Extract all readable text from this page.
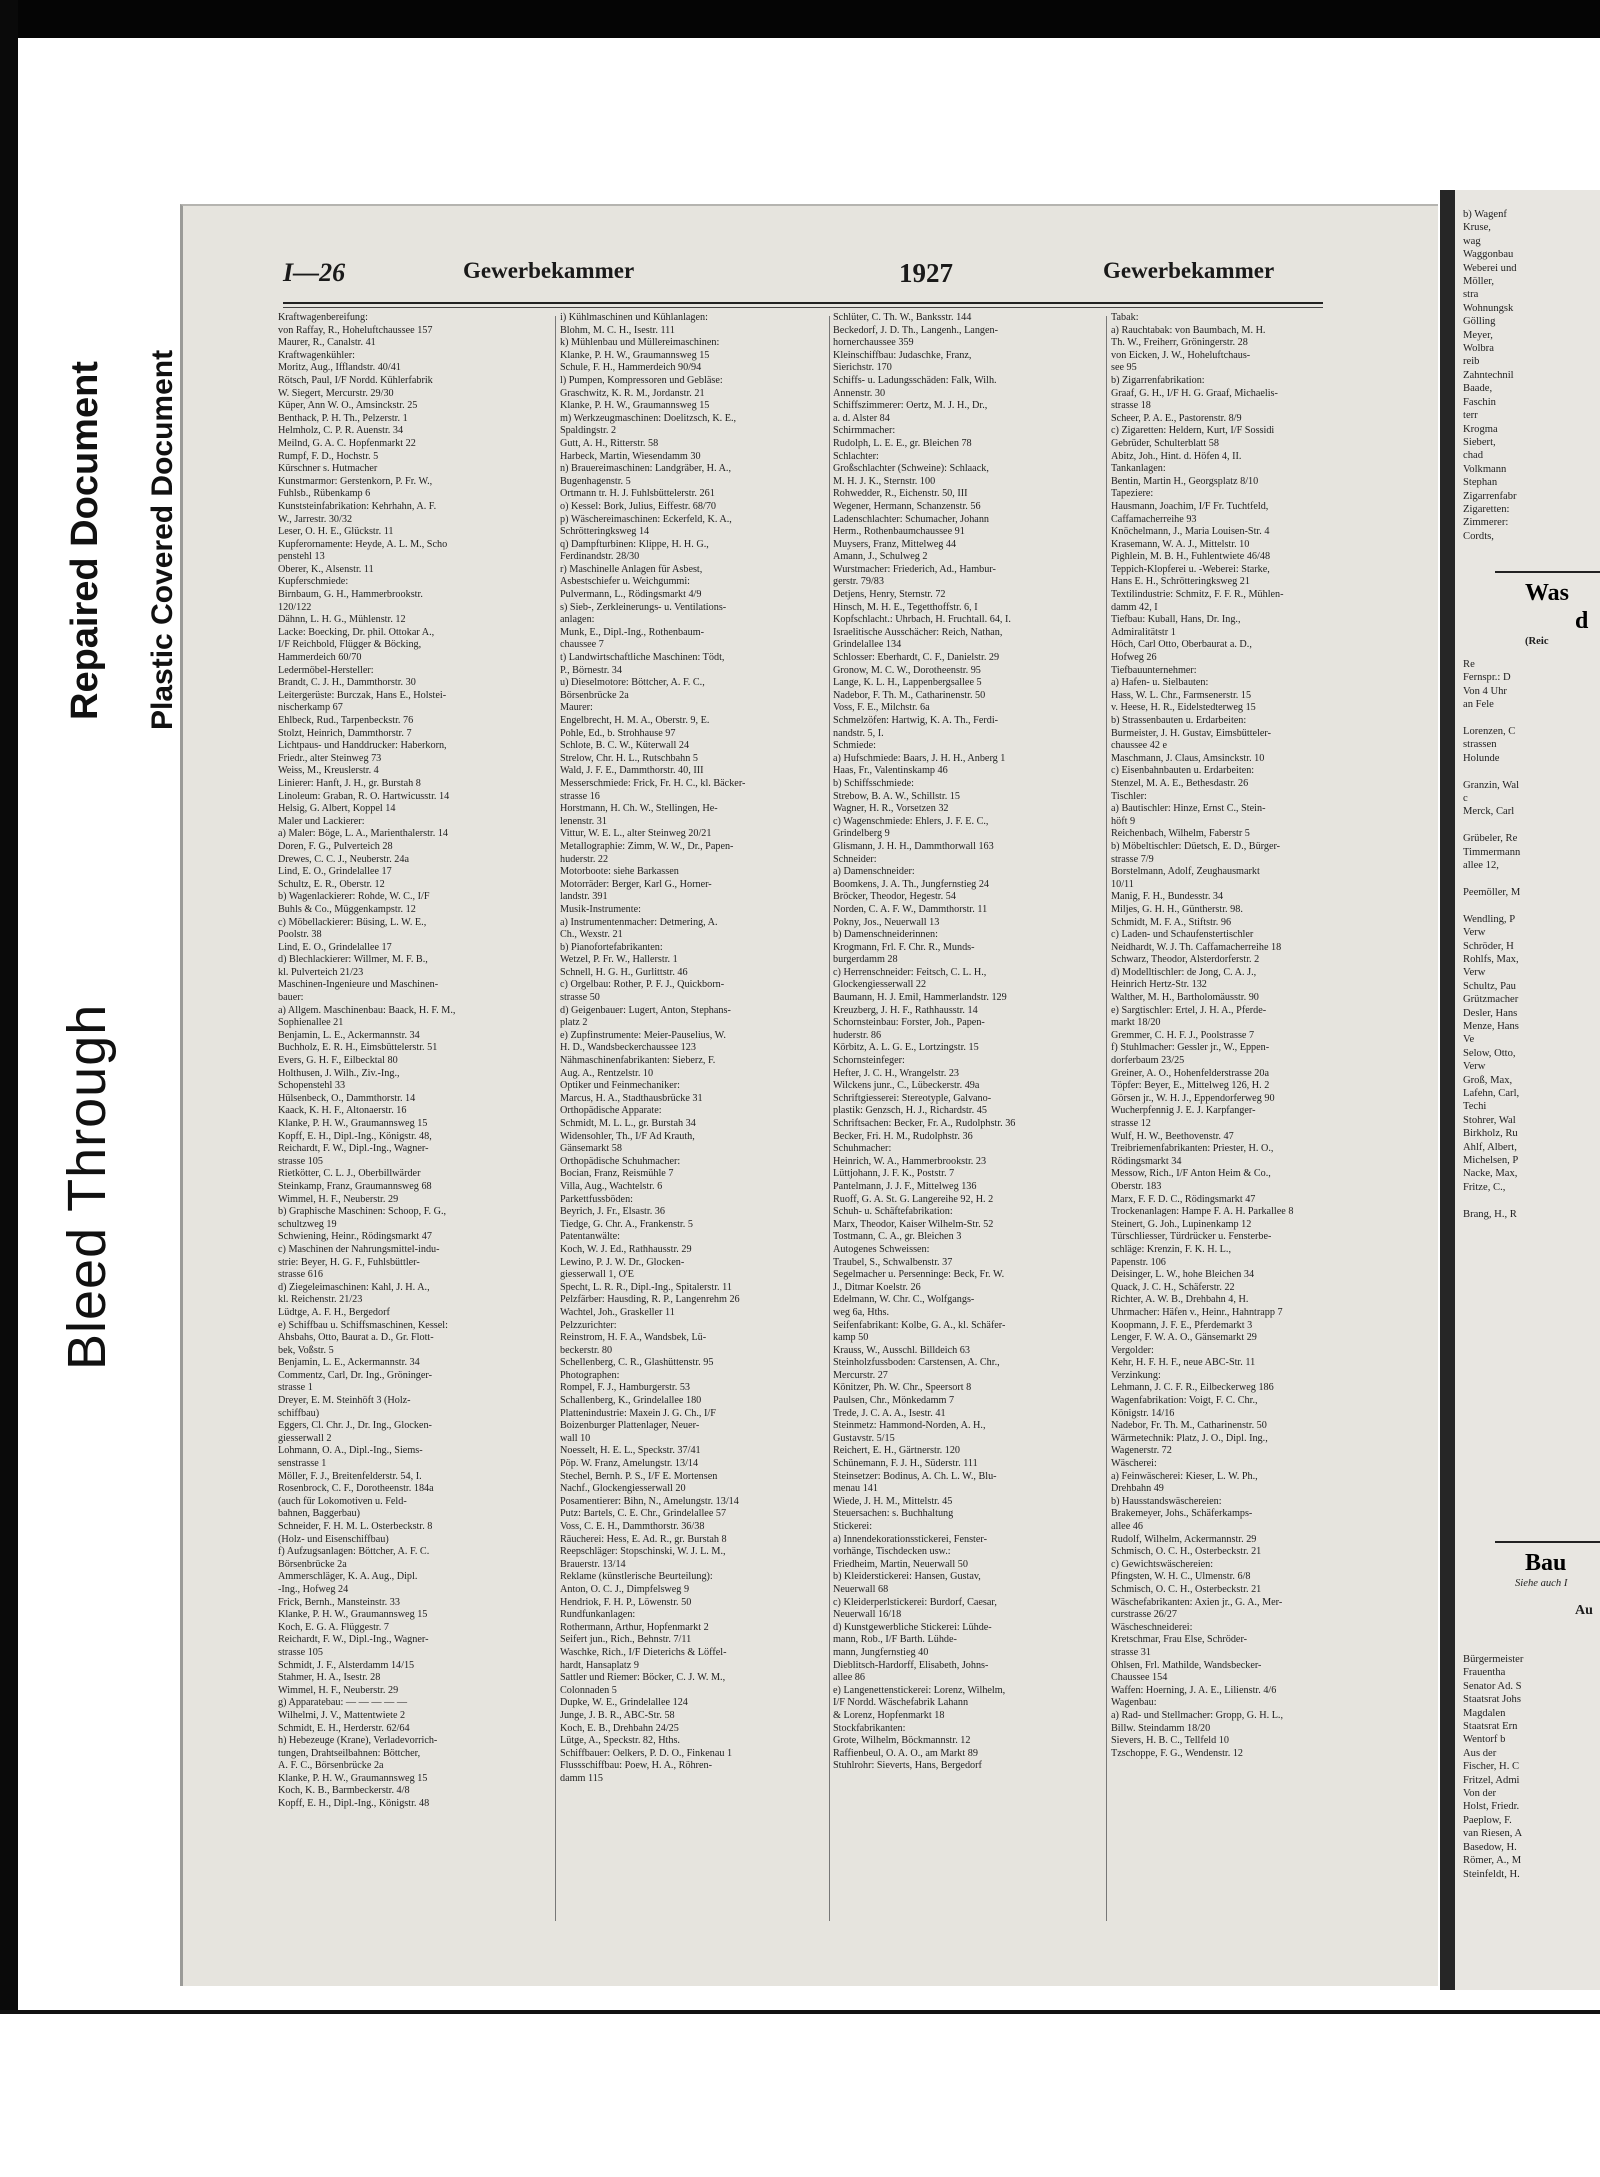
Repaired Document Plastic Covered Document
Bleed Through
I—26	Gewerbekammer	1927	Gewerbekammer
Kraftwagenbereifung:
von Raffay, R., Hoheluftchaussee 157
Maurer, R., Canalstr. 41
Kraftwagenkühler:
Moritz, Aug., Ifflandstr. 40/41
Rötsch, Paul, I/F Nordd. Kühlerfabrik
W. Siegert, Mercurstr. 29/30
Küper, Ann W. O., Amsinckstr. 25
Benthack, P. H. Th., Pelzerstr. 1
Helmholz, C. P. R. Auenstr. 34
Meilnd, G. A. C. Hopfenmarkt 22
Rumpf, F. D., Hochstr. 5
Kürschner s. Hutmacher
Kunstmarmor: Gerstenkorn, P. Fr. W.,
Fuhlsb., Rübenkamp 6
Kunststeinfabrikation: Kehrhahn, A. F.
W., Jarrestr. 30/32
Leser, O. H. E., Glückstr. 11
Kupferornamente: Heyde, A. L. M., Scho
penstehl 13
Oberer, K., Alsenstr. 11
Kupferschmiede:
Birnbaum, G. H., Hammerbrookstr.
120/122
Dähnn, L. H. G., Mühlenstr. 12
Lacke: Boecking, Dr. phil. Ottokar A.,
I/F Reichbold, Flügger & Böcking,
Hammerdeich 60/70
Ledermöbel-Hersteller:
Brandt, C. J. H., Dammthorstr. 30
Leitergerüste: Burczak, Hans E., Holstei-
nischerkamp 67
Ehlbeck, Rud., Tarpenbeckstr. 76
Stolzt, Heinrich, Dammthorstr. 7
Lichtpaus- und Handdrucker: Haberkorn,
Friedr., alter Steinweg 73
Weiss, M., Kreuslerstr. 4
Linierer: Hanft, J. H., gr. Burstah 8
Linoleum: Graban, R. O. Hartwicusstr. 14
Helsig, G. Albert, Koppel 14
Maler und Lackierer:
a) Maler: Böge, L. A., Marienthalerstr. 14
Doren, F. G., Pulverteich 28
Drewes, C. C. J., Neuberstr. 24a
Lind, E. O., Grindelallee 17
Schultz, E. R., Oberstr. 12
b) Wagenlackierer: Rohde, W. C., I/F
Buhls & Co., Müggenkampstr. 12
c) Möbellackierer: Büsing, L. W. E.,
Poolstr. 38
Lind, E. O., Grindelallee 17
d) Blechlackierer: Willmer, M. F. B.,
kl. Pulverteich 21/23
Maschinen-Ingenieure und Maschinen-
bauer:
a) Allgem. Maschinenbau: Baack, H. F. M.,
Sophienallee 21
Benjamin, L. E., Ackermannstr. 34
Buchholz, E. R. H., Eimsbüttelerstr. 51
Evers, G. H. F., Eilbecktal 80
Holthusen, J. Wilh., Ziv.-Ing.,
Schopenstehl 33
Hülsenbeck, O., Dammthorstr. 14
Kaack, K. H. F., Altonaerstr. 16
Klanke, P. H. W., Graumannsweg 15
Kopff, E. H., Dipl.-Ing., Königstr. 48,
Reichardt, F. W., Dipl.-Ing., Wagner-
strasse 105
Rietkötter, C. L. J., Oberbillwärder
Steinkamp, Franz, Graumannsweg 68
Wimmel, H. F., Neuberstr. 29
b) Graphische Maschinen: Schoop, F. G.,
schultzweg 19
Schwiening, Heinr., Rödingsmarkt 47
c) Maschinen der Nahrungsmittel-indu-
strie: Beyer, H. G. F., Fuhlsbüttler-
strasse 616
d) Ziegeleimaschinen: Kahl, J. H. A.,
kl. Reichenstr. 21/23
Lüdtge, A. F. H., Bergedorf
e) Schiffbau u. Schiffsmaschinen, Kessel:
Ahsbahs, Otto, Baurat a. D., Gr. Flott-
bek, Voßstr. 5
Benjamin, L. E., Ackermannstr. 34
Commentz, Carl, Dr. Ing., Gröninger-
strasse 1
Dreyer, E. M. Steinhöft 3 (Holz-
schiffbau)
Eggers, Cl. Chr. J., Dr. Ing., Glocken-
giesserwall 2
Lohmann, O. A., Dipl.-Ing., Siems-
senstrasse 1
Möller, F. J., Breitenfelderstr. 54, I.
Rosenbrock, C. F., Dorotheenstr. 184a
(auch für Lokomotiven u. Feld-
bahnen, Baggerbau)
Schneider, F. H. M. L. Osterbeckstr. 8
(Holz- und Eisenschiffbau)
f) Aufzugsanlagen: Böttcher, A. F. C.
Börsenbrücke 2a
Ammerschläger, K. A. Aug., Dipl.
-Ing., Hofweg 24
Frick, Bernh., Mansteinstr. 33
Klanke, P. H. W., Graumannsweg 15
Koch, E. G. A. Flüggestr. 7
Reichardt, F. W., Dipl.-Ing., Wagner-
strasse 105
Schmidt, J. F., Alsterdamm 14/15
Stahmer, H. A., Isestr. 28
Wimmel, H. F., Neuberstr. 29
g) Apparatebau: — — — — —
Wilhelmi, J. V., Mattentwiete 2
Schmidt, E. H., Herderstr. 62/64
h) Hebezeuge (Krane), Verladevorrich-
tungen, Drahtseilbahnen: Böttcher,
A. F. C., Börsenbrücke 2a
Klanke, P. H. W., Graumannsweg 15
Koch, K. B., Barmbeckerstr. 4/8
Kopff, E. H., Dipl.-Ing., Königstr. 48
i) Kühlmaschinen und Kühlanlagen:
Blohm, M. C. H., Isestr. 111
k) Mühlenbau und Müllereimaschinen:
Klanke, P. H. W., Graumannsweg 15
Schule, F. H., Hammerdeich 90/94
l) Pumpen, Kompressoren und Gebläse:
Graschwitz, K. R. M., Jordanstr. 21
Klanke, P. H. W., Graumannsweg 15
m) Werkzeugmaschinen: Doelitzsch, K. E.,
Spaldingstr. 2
Gutt, A. H., Ritterstr. 58
Harbeck, Martin, Wiesendamm 30
n) Brauereimaschinen: Landgräber, H. A.,
Bugenhagenstr. 5
Ortmann tr. H. J. Fuhlsbüttelerstr. 261
o) Kessel: Bork, Julius, Eiffestr. 68/70
p) Wäschereimaschinen: Eckerfeld, K. A.,
Schrötteringksweg 14
q) Dampfturbinen: Klippe, H. H. G.,
Ferdinandstr. 28/30
r) Maschinelle Anlagen für Asbest,
Asbestschiefer u. Weichgummi:
Pulvermann, L., Rödingsmarkt 4/9
s) Sieb-, Zerkleinerungs- u. Ventilations-
anlagen:
Munk, E., Dipl.-Ing., Rothenbaum-
chaussee 7
t) Landwirtschaftliche Maschinen: Tödt,
P., Börnestr. 34
u) Dieselmotore: Böttcher, A. F. C.,
Börsenbrücke 2a
Maurer:
Engelbrecht, H. M. A., Oberstr. 9, E.
Pohle, Ed., b. Strohhause 97
Schlote, B. C. W., Küterwall 24
Strelow, Chr. H. L., Rutschbahn 5
Wald, J. F. E., Dammthorstr. 40, III
Messerschmiede: Frick, Fr. H. C., kl. Bäcker-
strasse 16
Horstmann, H. Ch. W., Stellingen, He-
lenenstr. 31
Vittur, W. E. L., alter Steinweg 20/21
Metallographie: Zimm, W. W., Dr., Papen-
huderstr. 22
Motorboote: siehe Barkassen
Motorräder: Berger, Karl G., Horner-
landstr. 391
Musik-Instrumente:
a) Instrumentenmacher: Detmering, A.
Ch., Wexstr. 21
b) Pianofortefabrikanten:
Wetzel, P. Fr. W., Hallerstr. 1
Schnell, H. G. H., Gurlittstr. 46
c) Orgelbau: Rother, P. F. J., Quickborn-
strasse 50
d) Geigenbauer: Lugert, Anton, Stephans-
platz 2
e) Zupfinstrumente: Meier-Pauselius, W.
H. D., Wandsbeckerchaussee 123
Nähmaschinenfabrikanten: Sieberz, F.
Aug. A., Rentzelstr. 10
Optiker und Feinmechaniker:
Marcus, H. A., Stadthausbrücke 31
Orthopädische Apparate:
Schmidt, M. L. L., gr. Burstah 34
Widensohler, Th., I/F Ad Krauth,
Gänsemarkt 58
Orthopädische Schuhmacher:
Bocian, Franz, Reismühle 7
Villa, Aug., Wachtelstr. 6
Parkettfussböden:
Beyrich, J. Fr., Elsastr. 36
Tiedge, G. Chr. A., Frankenstr. 5
Patentanwälte:
Koch, W. J. Ed., Rathhausstr. 29
Lewino, P. J. W. Dr., Glocken-
giesserwall 1, O'E
Specht, L. R. R., Dipl.-Ing., Spitalerstr. 11
Pelzfärber: Hausding, R. P., Langenrehm 26
Wachtel, Joh., Graskeller 11
Pelzzurichter:
Reinstrom, H. F. A., Wandsbek, Lü-
beckerstr. 80
Schellenberg, C. R., Glashüttenstr. 95
Photographen:
Rompel, F. J., Hamburgerstr. 53
Schallenberg, K., Grindelallee 180
Plattenindustrie: Maxein J. G. Ch., I/F
Boizenburger Plattenlager, Neuer-
wall 10
Noesselt, H. E. L., Speckstr. 37/41
Pöp. W. Franz, Amelungstr. 13/14
Stechel, Bernh. P. S., I/F E. Mortensen
Nachf., Glockengiesserwall 20
Posamentierer: Bihn, N., Amelungstr. 13/14
Putz: Bartels, C. E. Chr., Grindelallee 57
Voss, C. E. H., Dammthorstr. 36/38
Räucherei: Hess, E. Ad. R., gr. Burstah 8
Reepschläger: Stopschinski, W. J. L. M.,
Brauerstr. 13/14
Reklame (künstlerische Beurteilung):
Anton, O. C. J., Dimpfelsweg 9
Hendriok, F. H. P., Löwenstr. 50
Rundfunkanlagen:
Rothermann, Arthur, Hopfenmarkt 2
Seifert jun., Rich., Behnstr. 7/11
Waschke, Rich., I/F Dieterichs & Löffel-
hardt, Hansaplatz 9
Sattler und Riemer: Böcker, C. J. W. M.,
Colonnaden 5
Dupke, W. E., Grindelallee 124
Junge, J. B. R., ABC-Str. 58
Koch, E. B., Drehbahn 24/25
Lütge, A., Speckstr. 82, Hths.
Schiffbauer: Oelkers, P. D. O., Finkenau 1
Flussschiffbau: Poew, H. A., Röhren-
damm 115
Schlüter, C. Th. W., Banksstr. 144
Beckedorf, J. D. Th., Langenh., Langen-
hornerchaussee 359
Kleinschiffbau: Judaschke, Franz,
Sierichstr. 170
Schiffs- u. Ladungsschäden: Falk, Wilh.
Annenstr. 30
Schiffszimmerer: Oertz, M. J. H., Dr.,
a. d. Alster 84
Schirmmacher:
Rudolph, L. E. E., gr. Bleichen 78
Schlachter:
Großschlachter (Schweine): Schlaack,
M. H. J. K., Sternstr. 100
Rohwedder, R., Eichenstr. 50, III
Wegener, Hermann, Schanzenstr. 56
Ladenschlachter: Schumacher, Johann
Herm., Rothenbaumchaussee 91
Muysers, Franz, Mittelweg 44
Amann, J., Schulweg 2
Wurstmacher: Friederich, Ad., Hambur-
gerstr. 79/83
Detjens, Henry, Sternstr. 72
Hinsch, M. H. E., Tegetthoffstr. 6, I
Kopfschlacht.: Uhrbach, H. Fruchtall. 64, I.
Israelitische Ausschächer: Reich, Nathan,
Grindelallee 134
Schlosser: Eberhardt, C. F., Danielstr. 29
Gronow, M. C. W., Dorotheenstr. 95
Lange, K. L. H., Lappenbergsallee 5
Nadebor, F. Th. M., Catharinenstr. 50
Voss, F. E., Milchstr. 6a
Schmelzöfen: Hartwig, K. A. Th., Ferdi-
nandstr. 5, I.
Schmiede:
a) Hufschmiede: Baars, J. H. H., Anberg 1
Haas, Fr., Valentinskamp 46
b) Schiffsschmiede:
Strebow, B. A. W., Schillstr. 15
Wagner, H. R., Vorsetzen 32
c) Wagenschmiede: Ehlers, J. F. E. C.,
Grindelberg 9
Glismann, J. H. H., Dammthorwall 163
Schneider:
a) Damenschneider:
Boomkens, J. A. Th., Jungfernstieg 24
Bröcker, Theodor, Hegestr. 54
Norden, C. A. F. W., Dammthorstr. 11
Pokny, Jos., Neuerwall 13
b) Damenschneiderinnen:
Krogmann, Frl. F. Chr. R., Munds-
burgerdamm 28
c) Herrenschneider: Feitsch, C. L. H.,
Glockengiesserwall 22
Baumann, H. J. Emil, Hammerlandstr. 129
Kreuzberg, J. H. F., Rathhausstr. 14
Schornsteinbau: Forster, Joh., Papen-
huderstr. 86
Körbitz, A. L. G. E., Lortzingstr. 15
Schornsteinfeger:
Hefter, J. C. H., Wrangelstr. 23
Wilckens junr., C., Lübeckerstr. 49a
Schriftgiesserei: Stereotyple, Galvano-
plastik: Genzsch, H. J., Richardstr. 45
Schriftsachen: Becker, Fr. A., Rudolphstr. 36
Becker, Fri. H. M., Rudolphstr. 36
Schuhmacher:
Heinrich, W. A., Hammerbrookstr. 23
Lüttjohann, J. F. K., Poststr. 7
Pantelmann, J. J. F., Mittelweg 136
Ruoff, G. A. St. G. Langereihe 92, H. 2
Schuh- u. Schäftefabrikation:
Marx, Theodor, Kaiser Wilhelm-Str. 52
Tostmann, C. A., gr. Bleichen 3
Autogenes Schweissen:
Traubel, S., Schwalbenstr. 37
Segelmacher u. Persenninge: Beck, Fr. W.
J., Ditmar Koelstr. 26
Edelmann, W. Chr. C., Wolfgangs-
weg 6a, Hths.
Seifenfabrikant: Kolbe, G. A., kl. Schäfer-
kamp 50
Krauss, W., Ausschl. Billdeich 63
Steinholzfussboden: Carstensen, A. Chr.,
Mercurstr. 27
Könitzer, Ph. W. Chr., Speersort 8
Paulsen, Chr., Mönkedamm 7
Trede, J. C. A. A., Isestr. 41
Steinmetz: Hammond-Norden, A. H.,
Gustavstr. 5/15
Reichert, E. H., Gärtnerstr. 120
Schünemann, F. J. H., Süderstr. 111
Steinsetzer: Bodinus, A. Ch. L. W., Blu-
menau 141
Wiede, J. H. M., Mittelstr. 45
Steuersachen: s. Buchhaltung
Stickerei:
a) Innendekorationsstickerei, Fenster-
vorhänge, Tischdecken usw.:
Friedheim, Martin, Neuerwall 50
b) Kleiderstickerei: Hansen, Gustav,
Neuerwall 68
c) Kleiderperlstickerei: Burdorf, Caesar,
Neuerwall 16/18
d) Kunstgewerbliche Stickerei: Lühde-
mann, Rob., I/F Barth. Lühde-
mann, Jungfernstieg 40
Dieblitsch-Hardorff, Elisabeth, Johns-
allee 86
e) Langenettenstickerei: Lorenz, Wilhelm,
I/F Nordd. Wäschefabrik Lahann
& Lorenz, Hopfenmarkt 18
Stockfabrikanten:
Grote, Wilhelm, Böckmannstr. 12
Raffienbeul, O. A. O., am Markt 89
Stuhlrohr: Sieverts, Hans, Bergedorf
Tabak:
a) Rauchtabak: von Baumbach, M. H.
Th. W., Freiherr, Gröningerstr. 28
von Eicken, J. W., Hoheluftchaus-
see 95
b) Zigarrenfabrikation:
Graaf, G. H., I/F H. G. Graaf, Michaelis-
strasse 18
Scheer, P. A. E., Pastorenstr. 8/9
c) Zigaretten: Heldern, Kurt, I/F Sossidi
Gebrüder, Schulterblatt 58
Abitz, Joh., Hint. d. Höfen 4, II.
Tankanlagen:
Bentin, Martin H., Georgsplatz 8/10
Tapeziere:
Hausmann, Joachim, I/F Fr. Tuchtfeld,
Caffamacherreihe 93
Knöchelmann, J., Maria Louisen-Str. 4
Krasemann, W. A. J., Mittelstr. 10
Pighlein, M. B. H., Fuhlentwiete 46/48
Teppich-Klopferei u. -Weberei: Starke,
Hans E. H., Schrötteringksweg 21
Textilindustrie: Schmitz, F. F. R., Mühlen-
damm 42, I
Tiefbau: Kuball, Hans, Dr. Ing.,
Admiralitätstr 1
Höch, Carl Otto, Oberbaurat a. D.,
Hofweg 26
Tiefbauunternehmer:
a) Hafen- u. Sielbauten:
Hass, W. L. Chr., Farmsenerstr. 15
v. Heese, H. R., Eidelstedterweg 15
b) Strassenbauten u. Erdarbeiten:
Burmeister, J. H. Gustav, Eimsbütteler-
chaussee 42 e
Maschmann, J. Claus, Amsinckstr. 10
c) Eisenbahnbauten u. Erdarbeiten:
Stenzel, M. A. E., Bethesdastr. 26
Tischler:
a) Bautischler: Hinze, Ernst C., Stein-
höft 9
Reichenbach, Wilhelm, Faberstr 5
b) Möbeltischler: Düetsch, E. D., Bürger-
strasse 7/9
Borstelmann, Adolf, Zeughausmarkt
10/11
Manig, F. H., Bundesstr. 34
Miljes, G. H. H., Güntherstr. 98.
Schmidt, M. F. A., Stiftstr. 96
c) Laden- und Schaufenstertischler
Neidhardt, W. J. Th. Caffamacherreihe 18
Schwarz, Theodor, Alsterdorferstr. 2
d) Modelltischler: de Jong, C. A. J.,
Heinrich Hertz-Str. 132
Walther, M. H., Bartholomäusstr. 90
e) Sargtischler: Ertel, J. H. A., Pferde-
markt 18/20
Gremmer, C. H. F. J., Poolstrasse 7
f) Stuhlmacher: Gessler jr., W., Eppen-
dorferbaum 23/25
Greiner, A. O., Hohenfelderstrasse 20a
Töpfer: Beyer, E., Mittelweg 126, H. 2
Görsen jr., W. H. J., Eppendorferweg 90
Wucherpfennig J. E. J. Karpfanger-
strasse 12
Wulf, H. W., Beethovenstr. 47
Treibriemenfabrikanten: Priester, H. O.,
Rödingsmarkt 34
Messow, Rich., I/F Anton Heim & Co.,
Oberstr. 183
Marx, F. F. D. C., Rödingsmarkt 47
Trockenanlagen: Hampe F. A. H. Parkallee 8
Steinert, G. Joh., Lupinenkamp 12
Türschliesser, Türdrücker u. Fensterbe-
schläge: Krenzin, F. K. H. L.,
Papenstr. 106
Deisinger, L. W., hohe Bleichen 34
Quack, J. C. H., Schäferstr. 22
Richter, A. W. B., Drehbahn 4, H.
Uhrmacher: Häfen v., Heinr., Hahntrapp 7
Koopmann, J. F. E., Pferdemarkt 3
Lenger, F. W. A. O., Gänsemarkt 29
Vergolder:
Kehr, H. F. H. F., neue ABC-Str. 11
Verzinkung:
Lehmann, J. C. F. R., Eilbeckerweg 186
Wagenfabrikation: Voigt, F. C. Chr.,
Königstr. 14/16
Nadebor, Fr. Th. M., Catharinenstr. 50
Wärmetechnik: Platz, J. O., Dipl. Ing.,
Wagenerstr. 72
Wäscherei:
a) Feinwäscherei: Kieser, L. W. Ph.,
Drehbahn 49
b) Hausstandswäschereien:
Brakemeyer, Johs., Schäferkamps-
allee 46
Rudolf, Wilhelm, Ackermannstr. 29
Schmisch, O. C. H., Osterbeckstr. 21
c) Gewichtswäschereien:
Pfingsten, W. H. C., Ulmenstr. 6/8
Schmisch, O. C. H., Osterbeckstr. 21
Wäschefabrikanten: Axien jr., G. A., Mer-
curstrasse 26/27
Wäscheschneiderei:
Kretschmar, Frau Else, Schröder-
strasse 31
Ohlsen, Frl. Mathilde, Wandsbecker-
Chaussee 154
Waffen: Hoerning, J. A. E., Lilienstr. 4/6
Wagenbau:
a) Rad- und Stellmacher: Gropp, G. H. L.,
Billw. Steindamm 18/20
Sievers, H. B. C., Tellfeld 10
Tzschoppe, F. G., Wendenstr. 12
b) Wagenf
Kruse,
wag
Waggonbau
Weberei und
Möller,
stra
Wohnungsk
Gölling
Meyer,
Wolbra
reib
Zahntechnil
Baade,
Faschin
terr
Krogma
Siebert,
chad
Volkmann
Stephan
Zigarrenfabr
Zigaretten:
Zimmerer:
Cordts,
Was
d
(Reic
Re
Fernspr.: D
Von 4 Uhr
an Fele

Lorenzen, C
strassen
Holunde

Granzin, Wal
c
Merck, Carl

Grübeler, Re
Timmermann
allee 12,

Peemöller, M

Wendling, P
Verw
Schröder, H
Rohlfs, Max,
Verw
Schultz, Pau
Grützmacher
Desler, Hans
Menze, Hans
Ve
Selow, Otto,
Verw
Groß, Max,
Lafehn, Carl,
Techi
Stohrer, Wal
Birkholz, Ru
Ahlf, Albert,
Michelsen, P
Nacke, Max,
Fritze, C.,

Brang, H., R
Bau
Siehe auch I
Au
Bürgermeister
Frauentha
Senator Ad. S
Staatsrat Johs
Magdalen
Staatsrat Ern
Wentorf b
Aus der
Fischer, H. C
Fritzel, Admi
Von der
Holst, Friedr.
Paeplow, F.
van Riesen, A
Basedow, H.
Römer, A., M
Steinfeldt, H.
